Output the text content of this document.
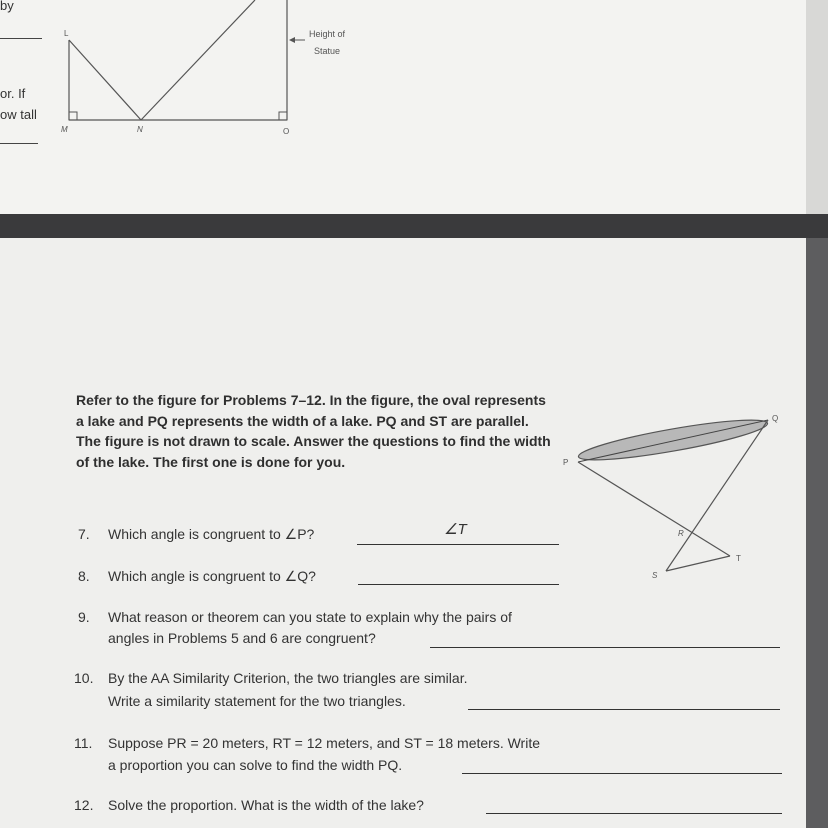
by
or. If
ow tall
L
M	N	O
Height of
Statue
Refer to the figure for Problems 7–12. In the figure, the oval represents a lake and PQ represents the width of a lake. PQ and ST are parallel. The figure is not drawn to scale. Answer the questions to find the width of the lake. The first one is done for you.	P
Q
R
S
T
7. Which angle is congruent to ∠P?	∠T
8. Which angle is congruent to ∠Q?
9. What reason or theorem can you state to explain why the pairs of
angles in Problems 5 and 6 are congruent?
10. By the AA Similarity Criterion, the two triangles are similar.
Write a similarity statement for the two triangles.
11. Suppose PR = 20 meters, RT = 12 meters, and ST = 18 meters. Write
a proportion you can solve to find the width PQ.
12. Solve the proportion. What is the width of the lake?
